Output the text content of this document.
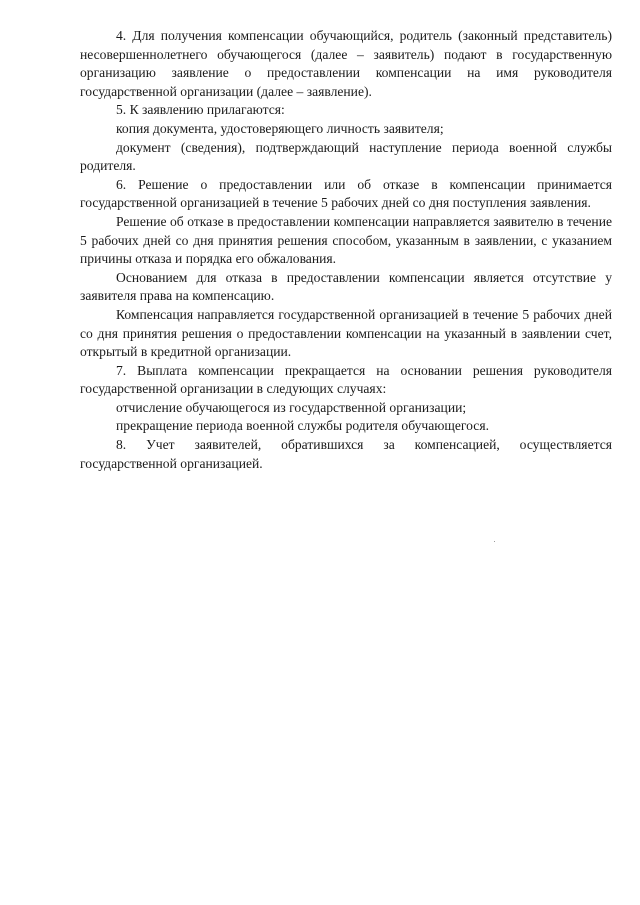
4. Для получения компенсации обучающийся, родитель (законный представитель) несовершеннолетнего обучающегося (далее – заявитель) подают в государственную организацию заявление о предоставлении компенсации на имя руководителя государственной организации (далее – заявление).

5. К заявлению прилагаются:

копия документа, удостоверяющего личность заявителя;

документ (сведения), подтверждающий наступление периода военной службы родителя.

6. Решение о предоставлении или об отказе в компенсации принимается государственной организацией в течение 5 рабочих дней со дня поступления заявления.

Решение об отказе в предоставлении компенсации направляется заявителю в течение 5 рабочих дней со дня принятия решения способом, указанным в заявлении, с указанием причины отказа и порядка его обжалования.

Основанием для отказа в предоставлении компенсации является отсутствие у заявителя права на компенсацию.

Компенсация направляется государственной организацией в течение 5 рабочих дней со дня принятия решения о предоставлении компенсации на указанный в заявлении счет, открытый в кредитной организации.

7. Выплата компенсации прекращается на основании решения руководителя государственной организации в следующих случаях:

отчисление обучающегося из государственной организации;

прекращение периода военной службы родителя обучающегося.

8. Учет заявителей, обратившихся за компенсацией, осуществляется государственной организацией.
